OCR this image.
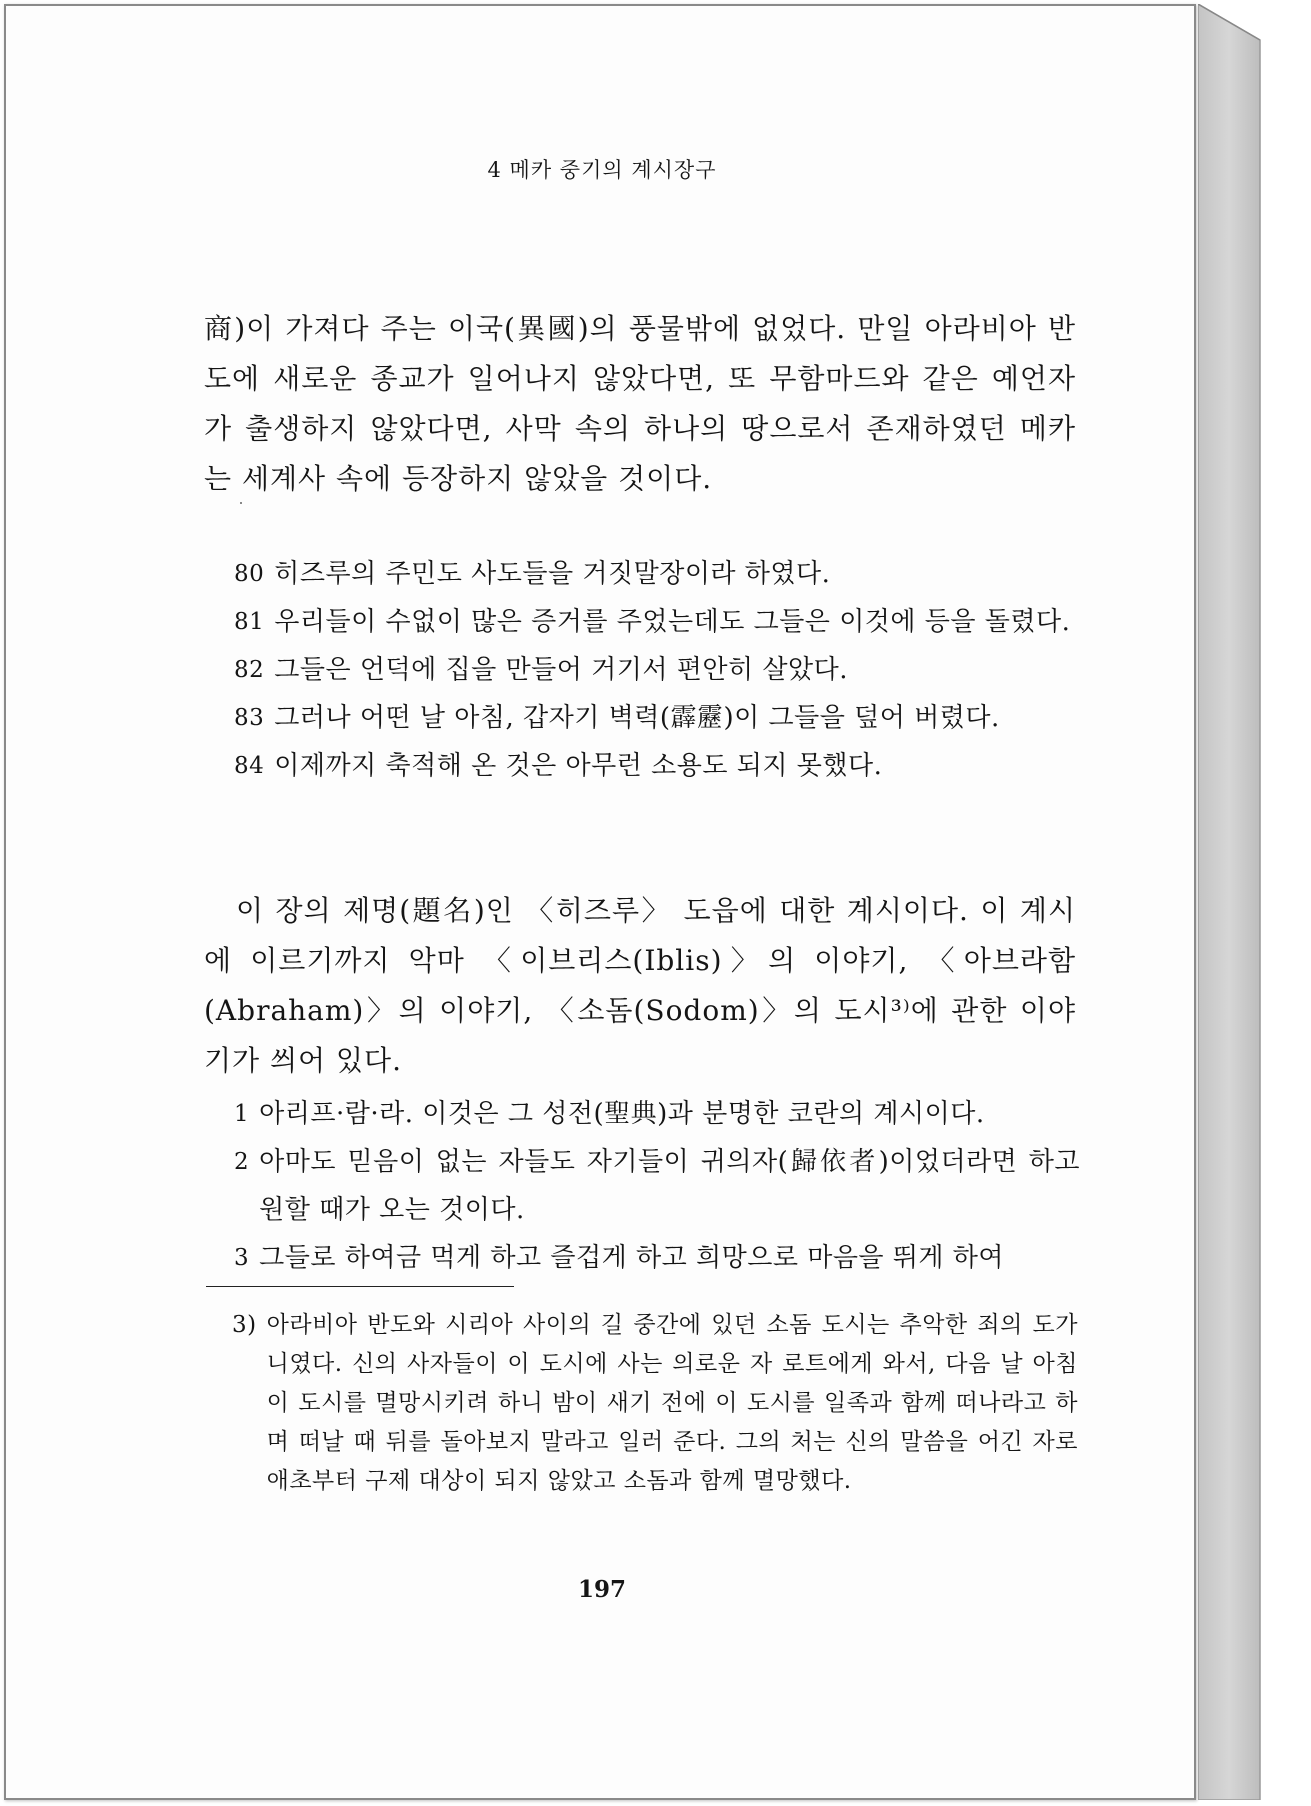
4 메카 중기의 계시장구

商)이 가져다 주는 이국(異國)의 풍물밖에 없었다. 만일 아라비아 반도에 새로운 종교가 일어나지 않았다면, 또 무함마드와 같은 예언자가 출생하지 않았다면, 사막 속의 하나의 땅으로서 존재하였던 메카는 세계사 속에 등장하지 않았을 것이다.

80 히즈루의 주민도 사도들을 거짓말장이라 하였다.

81 우리들이 수없이 많은 증거를 주었는데도 그들은 이것에 등을 돌렸다.

82 그들은 언덕에 집을 만들어 거기서 편안히 살았다.

83 그러나 어떤 날 아침, 갑자기 벽력(霹靂)이 그들을 덮어 버렸다.

84 이제까지 축적해 온 것은 아무런 소용도 되지 못했다.

이 장의 제명(題名)인 〈히즈루〉 도읍에 대한 계시이다. 이 계시에 이르기까지 악마 〈이브리스(Iblis)〉의 이야기, 〈아브라함(Abraham)〉의 이야기, 〈소돔(Sodom)〉의 도시³⁾에 관한 이야기가 씌어 있다.

1 아리프·람·라. 이것은 그 성전(聖典)과 분명한 코란의 계시이다.

2 아마도 믿음이 없는 자들도 자기들이 귀의자(歸依者)이었더라면 하고 원할 때가 오는 것이다.

3 그들로 하여금 먹게 하고 즐겁게 하고 희망으로 마음을 뛰게 하여

3) 아라비아 반도와 시리아 사이의 길 중간에 있던 소돔 도시는 추악한 죄의 도가니였다. 신의 사자들이 이 도시에 사는 의로운 자 로트에게 와서, 다음 날 아침 이 도시를 멸망시키려 하니 밤이 새기 전에 이 도시를 일족과 함께 떠나라고 하며 떠날 때 뒤를 돌아보지 말라고 일러 준다. 그의 처는 신의 말씀을 어긴 자로 애초부터 구제 대상이 되지 않았고 소돔과 함께 멸망했다.
197
